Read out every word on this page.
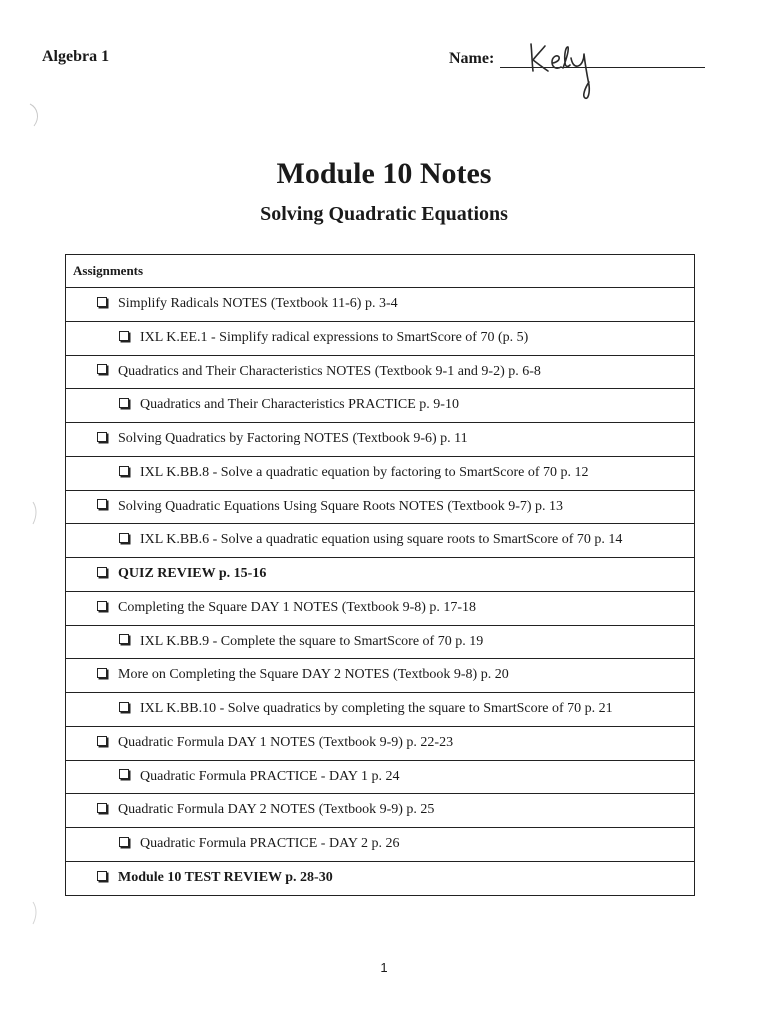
Algebra 1	Name:
Module 10 Notes
Solving Quadratic Equations
Assignments
Simplify Radicals NOTES (Textbook 11-6) p. 3-4
IXL K.EE.1 - Simplify radical expressions to SmartScore of 70 (p. 5)
Quadratics and Their Characteristics NOTES (Textbook 9-1 and 9-2) p. 6-8
Quadratics and Their Characteristics PRACTICE p. 9-10
Solving Quadratics by Factoring NOTES (Textbook 9-6) p. 11
IXL K.BB.8 - Solve a quadratic equation by factoring to SmartScore of 70 p. 12
Solving Quadratic Equations Using Square Roots NOTES (Textbook 9-7) p. 13
IXL K.BB.6 - Solve a quadratic equation using square roots to SmartScore of 70 p. 14
QUIZ REVIEW p. 15-16
Completing the Square DAY 1 NOTES (Textbook 9-8) p. 17-18
IXL K.BB.9 - Complete the square to SmartScore of 70 p. 19
More on Completing the Square DAY 2 NOTES (Textbook 9-8) p. 20
IXL K.BB.10 - Solve quadratics by completing the square to SmartScore of 70 p. 21
Quadratic Formula DAY 1 NOTES (Textbook 9-9) p. 22-23
Quadratic Formula PRACTICE - DAY 1 p. 24
Quadratic Formula DAY 2 NOTES (Textbook 9-9) p. 25
Quadratic Formula PRACTICE - DAY 2 p. 26
Module 10 TEST REVIEW p. 28-30
1
